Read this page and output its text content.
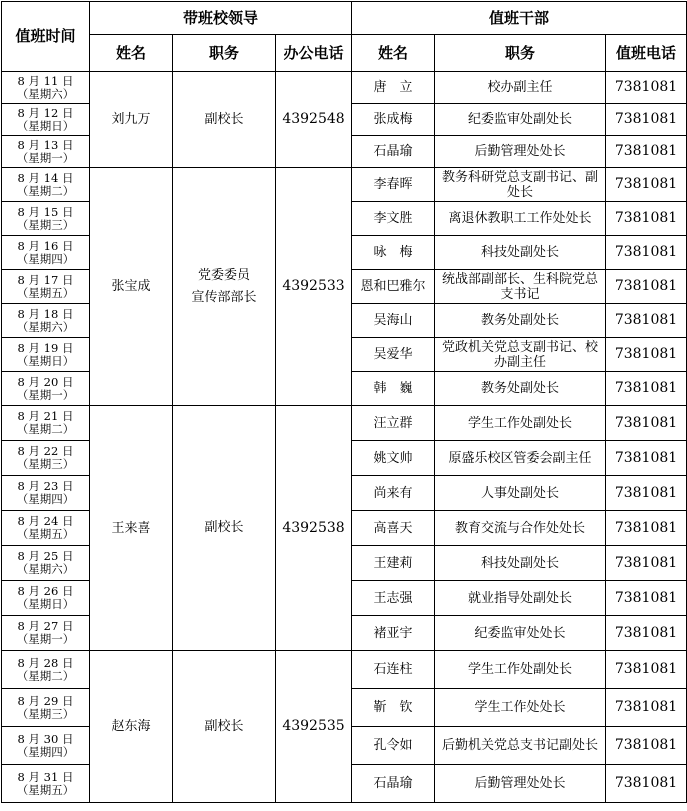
值班时间	带班校领导			值班干部		
	姓名	职务	办公电话	姓名	职务	值班电话

8 月 11 日
（星期六）	刘九万	副校长	4392548	唐　立	校办副主任	7381081

8 月 12 日
（星期日）				张成梅	纪委监审处副处长	7381081

8 月 13 日
（星期一）				石晶瑜	后勤管理处处长	7381081

8 月 14 日
（星期二）	张宝成	党委委员
宣传部部长	4392533	李春晖	教务科研党总支副书记、副处长	7381081

8 月 15 日
（星期三）				李文胜	离退休教职工工作处处长	7381081

8 月 16 日
（星期四）				咏　梅	科技处副处长	7381081

8 月 17 日
（星期五）				恩和巴雅尔	统战部副部长、生科院党总支书记	7381081

8 月 18 日
（星期六）				吴海山	教务处副处长	7381081

8 月 19 日
（星期日）				吴爱华	党政机关党总支副书记、校办副主任	7381081

8 月 20 日
（星期一）				韩　巍	教务处副处长	7381081

8 月 21 日
（星期二）	王来喜	副校长	4392538	汪立群	学生工作处副处长	7381081

8 月 22 日
（星期三）				姚文帅	原盛乐校区管委会副主任	7381081

8 月 23 日
（星期四）				尚来有	人事处副处长	7381081

8 月 24 日
（星期五）				高喜天	教育交流与合作处处长	7381081

8 月 25 日
（星期六）				王建莉	科技处副处长	7381081

8 月 26 日
（星期日）				王志强	就业指导处副处长	7381081

8 月 27 日
（星期一）				褚亚宇	纪委监审处处长	7381081

8 月 28 日
（星期二）	赵东海	副校长	4392535	石连柱	学生工作处副处长	7381081

8 月 29 日
（星期三）				靳　钦	学生工作处处长	7381081

8 月 30 日
（星期四）				孔令如	后勤机关党总支书记副处长	7381081

8 月 31 日
（星期五）				石晶瑜	后勤管理处处长	7381081
